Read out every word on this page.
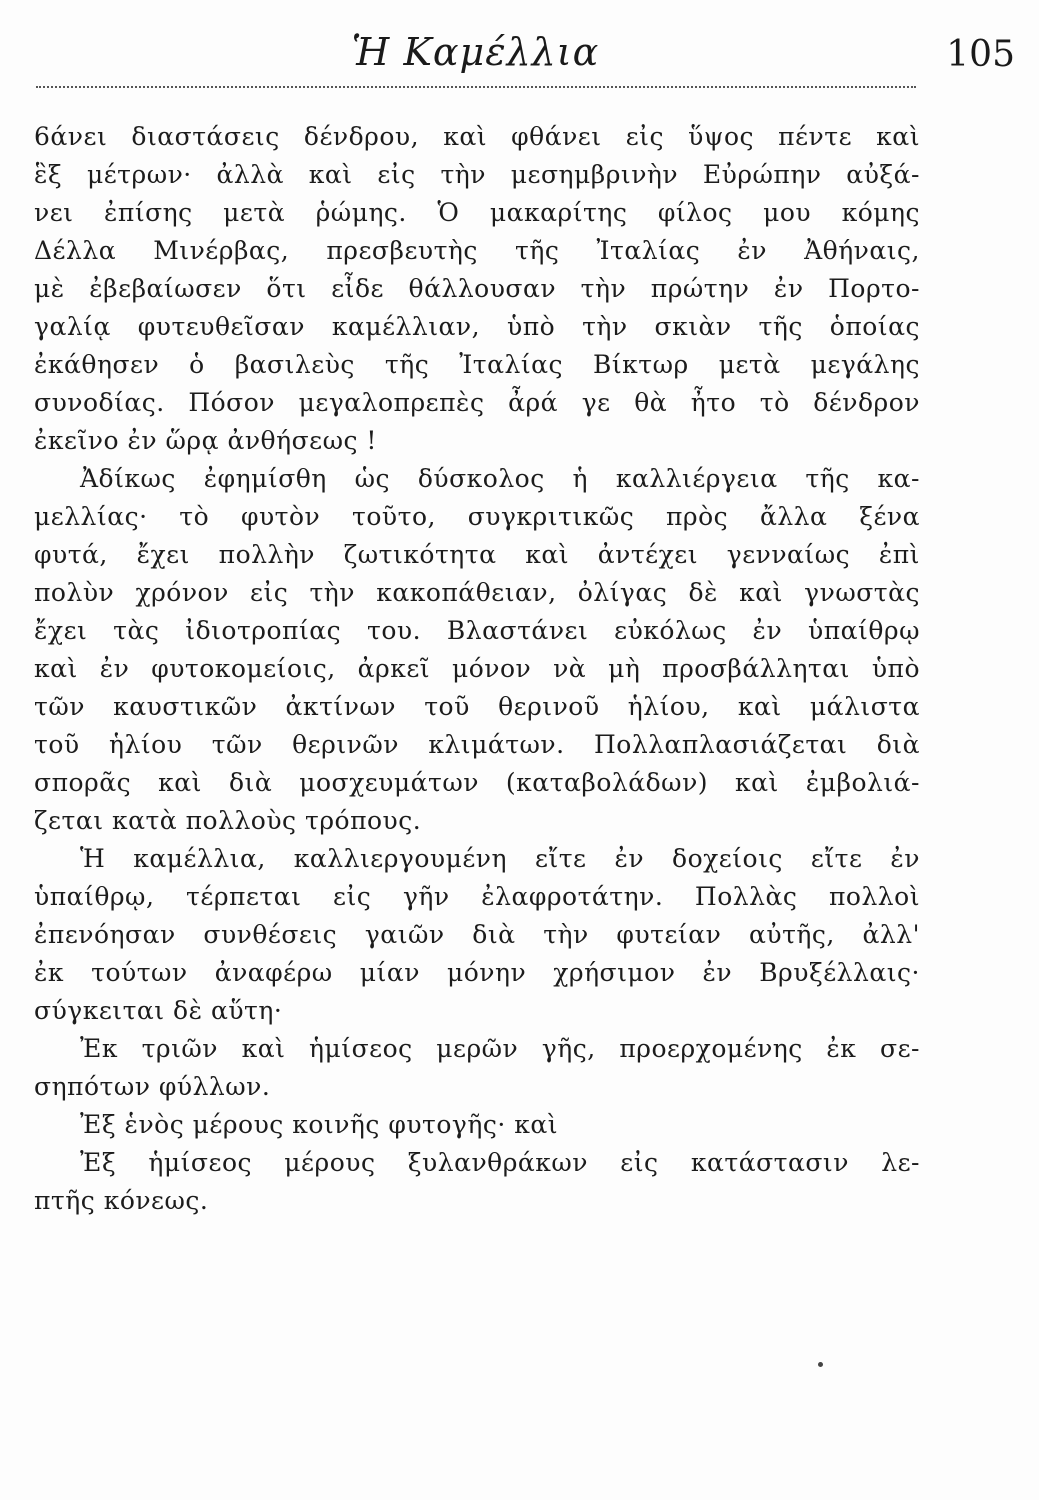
Ἡ Καμέλλια	105
6άνει διαστάσεις δένδρου, καὶ φθάνει εἰς ὕψος πέντε καὶ
ἓξ μέτρων· ἀλλὰ καὶ εἰς τὴν μεσημβρινὴν Εὐρώπην αὐξά-
νει ἐπίσης μετὰ ῥώμης. Ὁ μακαρίτης φίλος μου κόμης
Δέλλα Μινέρβας, πρεσβευτὴς τῆς Ἰταλίας ἐν Ἀθήναις,
μὲ ἐβεβαίωσεν ὅτι εἶδε θάλλουσαν τὴν πρώτην ἐν Πορτο-
γαλίᾳ φυτευθεῖσαν καμέλλιαν, ὑπὸ τὴν σκιὰν τῆς ὁποίας
ἐκάθησεν ὁ βασιλεὺς τῆς Ἰταλίας Βίκτωρ μετὰ μεγάλης
συνοδίας. Πόσον μεγαλοπρεπὲς ἆρά γε θὰ ἦτο τὸ δένδρον
ἐκεῖνο ἐν ὥρᾳ ἀνθήσεως !
Ἀδίκως ἐφημίσθη ὡς δύσκολος ἡ καλλιέργεια τῆς κα-
μελλίας· τὸ φυτὸν τοῦτο, συγκριτικῶς πρὸς ἄλλα ξένα
φυτά, ἔχει πολλὴν ζωτικότητα καὶ ἀντέχει γενναίως ἐπὶ
πολὺν χρόνον εἰς τὴν κακοπάθειαν, ὀλίγας δὲ καὶ γνωστὰς
ἔχει τὰς ἰδιοτροπίας του. Βλαστάνει εὐκόλως ἐν ὑπαίθρῳ
καὶ ἐν φυτοκομείοις, ἀρκεῖ μόνον νὰ μὴ προσβάλληται ὑπὸ
τῶν καυστικῶν ἀκτίνων τοῦ θερινοῦ ἡλίου, καὶ μάλιστα
τοῦ ἡλίου τῶν θερινῶν κλιμάτων. Πολλαπλασιάζεται διὰ
σπορᾶς καὶ διὰ μοσχευμάτων (καταβολάδων) καὶ ἐμβολιά-
ζεται κατὰ πολλοὺς τρόπους.
Ἡ καμέλλια, καλλιεργουμένη εἴτε ἐν δοχείοις εἴτε ἐν
ὑπαίθρῳ, τέρπεται εἰς γῆν ἐλαφροτάτην. Πολλὰς πολλοὶ
ἐπενόησαν συνθέσεις γαιῶν διὰ τὴν φυτείαν αὐτῆς, ἀλλ'
ἐκ τούτων ἀναφέρω μίαν μόνην χρήσιμον ἐν Βρυξέλλαις·
σύγκειται δὲ αὕτη·
Ἐκ τριῶν καὶ ἡμίσεος μερῶν γῆς, προερχομένης ἐκ σε-
σηπότων φύλλων.
Ἐξ ἑνὸς μέρους κοινῆς φυτογῆς· καὶ
Ἐξ ἡμίσεος μέρους ξυλανθράκων εἰς κατάστασιν λε-
πτῆς κόνεως.
